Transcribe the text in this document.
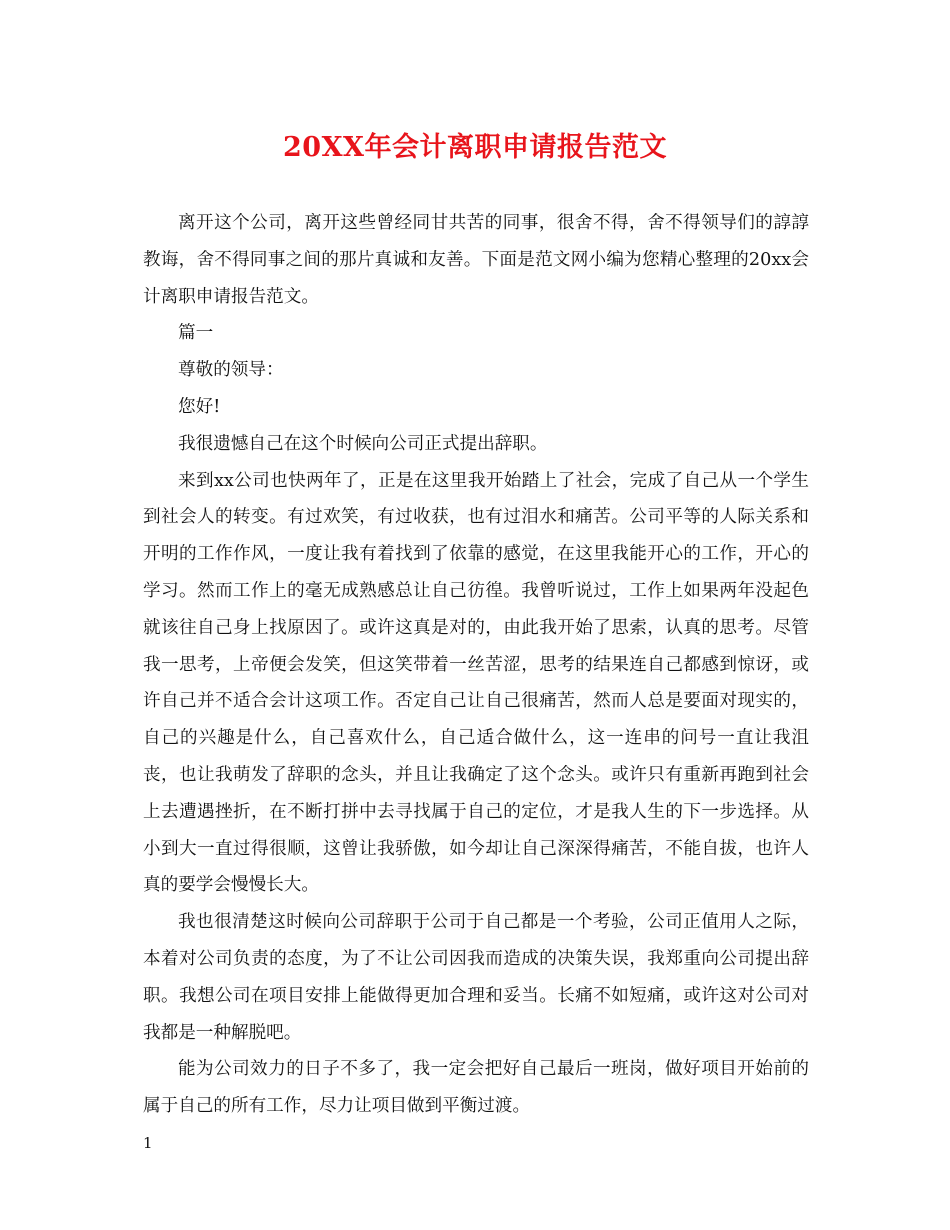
20XX年会计离职申请报告范文

离开这个公司，离开这些曾经同甘共苦的同事，很舍不得，舍不得领导们的諄諄教诲，舍不得同事之间的那片真诚和友善。下面是范文网小编为您精心整理的20xx会计离职申请报告范文。

篇一

尊敬的领导：

您好!

我很遗憾自己在这个时候向公司正式提出辞职。

来到xx公司也快两年了，正是在这里我开始踏上了社会，完成了自己从一个学生到社会人的转变。有过欢笑，有过收获，也有过泪水和痛苦。公司平等的人际关系和开明的工作作风，一度让我有着找到了依靠的感觉，在这里我能开心的工作，开心的学习。然而工作上的毫无成熟感总让自己彷徨。我曾听说过，工作上如果两年没起色就该往自己身上找原因了。或许这真是对的，由此我开始了思索，认真的思考。尽管我一思考，上帝便会发笑，但这笑带着一丝苦涩，思考的结果连自己都感到惊讶，或许自己并不适合会计这项工作。否定自己让自己很痛苦，然而人总是要面对现实的，自己的兴趣是什么，自己喜欢什么，自己适合做什么，这一连串的问号一直让我沮丧，也让我萌发了辞职的念头，并且让我确定了这个念头。或许只有重新再跑到社会上去遭遇挫折，在不断打拼中去寻找属于自己的定位，才是我人生的下一步选择。从小到大一直过得很顺，这曾让我骄傲，如今却让自己深深得痛苦，不能自拔，也许人真的要学会慢慢长大。

我也很清楚这时候向公司辞职于公司于自己都是一个考验，公司正值用人之际，本着对公司负责的态度，为了不让公司因我而造成的决策失误，我郑重向公司提出辞职。我想公司在项目安排上能做得更加合理和妥当。长痛不如短痛，或许这对公司对我都是一种解脱吧。

能为公司效力的日子不多了，我一定会把好自己最后一班岗，做好项目开始前的属于自己的所有工作，尽力让项目做到平衡过渡。

1
